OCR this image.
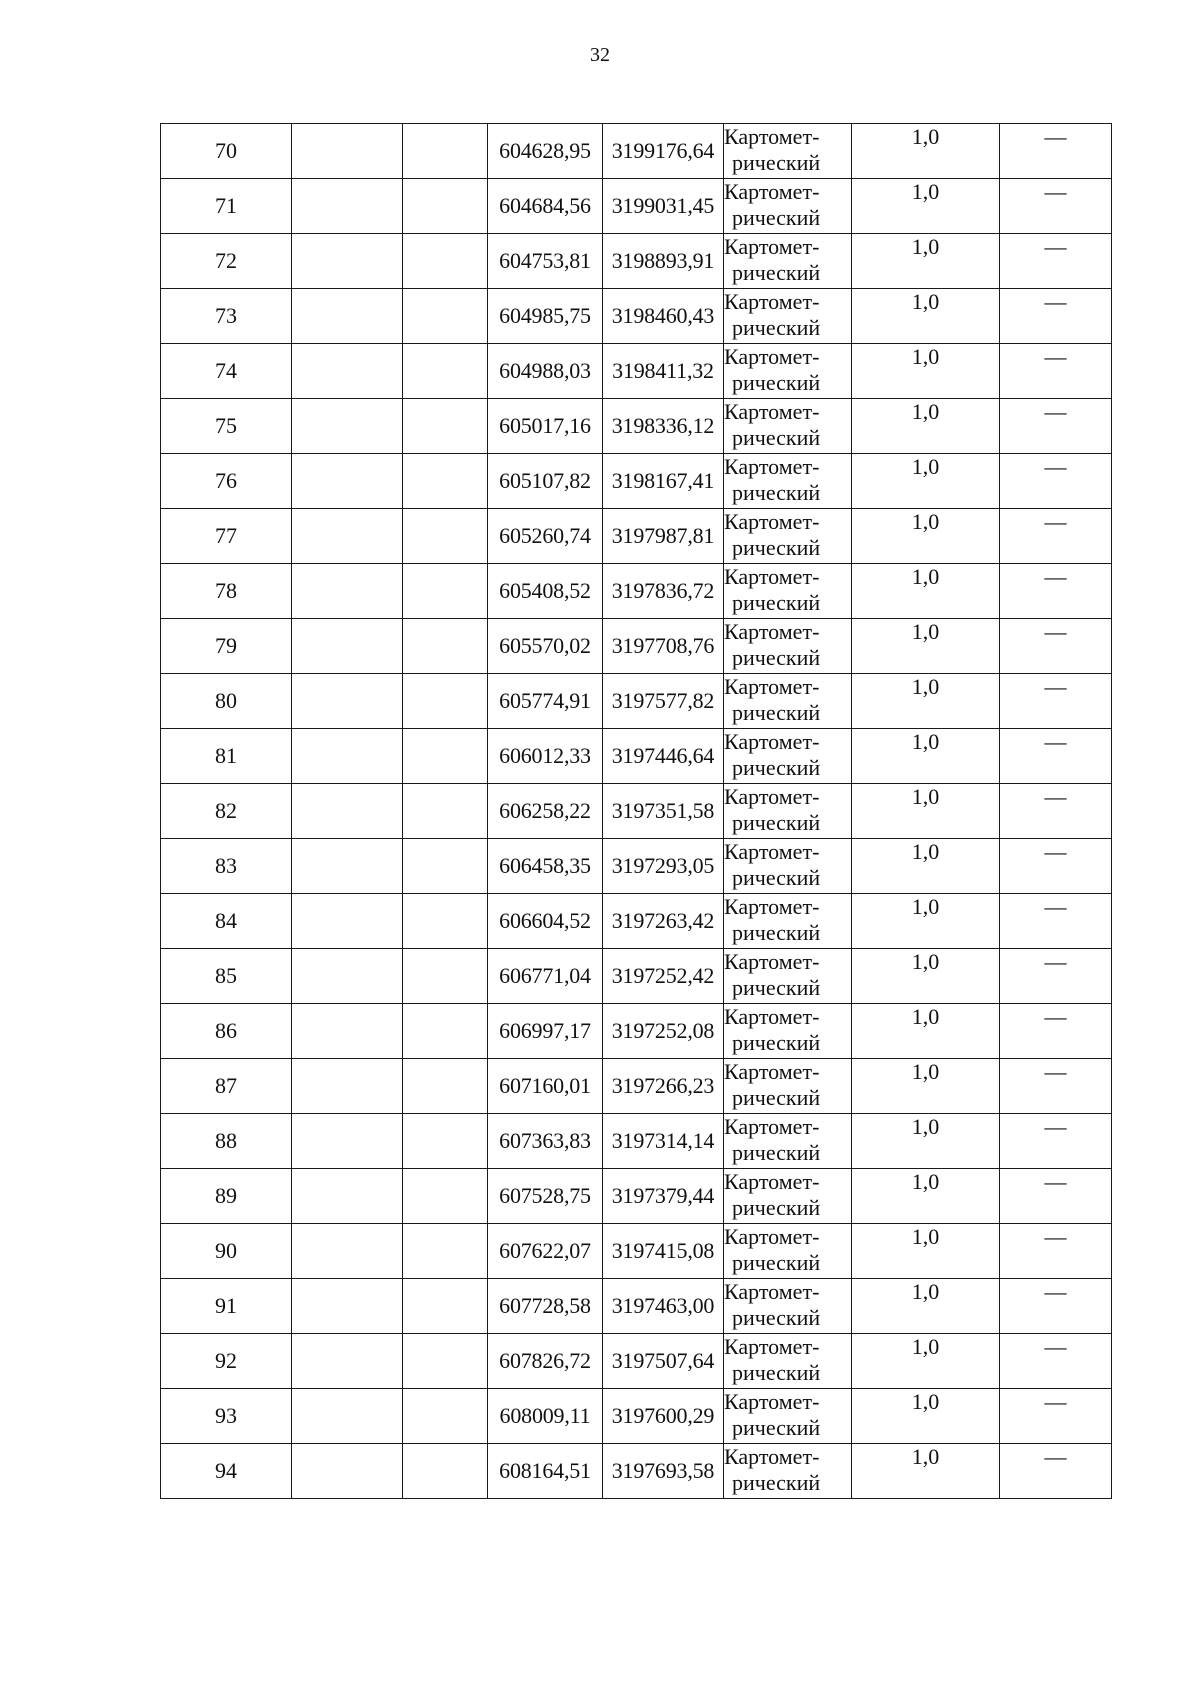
32
70			604628,95	3199176,64	Картомет-
рический	1,0	—
71			604684,56	3199031,45	Картомет-
рический	1,0	—
72			604753,81	3198893,91	Картомет-
рический	1,0	—
73			604985,75	3198460,43	Картомет-
рический	1,0	—
74			604988,03	3198411,32	Картомет-
рический	1,0	—
75			605017,16	3198336,12	Картомет-
рический	1,0	—
76			605107,82	3198167,41	Картомет-
рический	1,0	—
77			605260,74	3197987,81	Картомет-
рический	1,0	—
78			605408,52	3197836,72	Картомет-
рический	1,0	—
79			605570,02	3197708,76	Картомет-
рический	1,0	—
80			605774,91	3197577,82	Картомет-
рический	1,0	—
81			606012,33	3197446,64	Картомет-
рический	1,0	—
82			606258,22	3197351,58	Картомет-
рический	1,0	—
83			606458,35	3197293,05	Картомет-
рический	1,0	—
84			606604,52	3197263,42	Картомет-
рический	1,0	—
85			606771,04	3197252,42	Картомет-
рический	1,0	—
86			606997,17	3197252,08	Картомет-
рический	1,0	—
87			607160,01	3197266,23	Картомет-
рический	1,0	—
88			607363,83	3197314,14	Картомет-
рический	1,0	—
89			607528,75	3197379,44	Картомет-
рический	1,0	—
90			607622,07	3197415,08	Картомет-
рический	1,0	—
91			607728,58	3197463,00	Картомет-
рический	1,0	—
92			607826,72	3197507,64	Картомет-
рический	1,0	—
93			608009,11	3197600,29	Картомет-
рический	1,0	—
94			608164,51	3197693,58	Картомет-
рический	1,0	—
